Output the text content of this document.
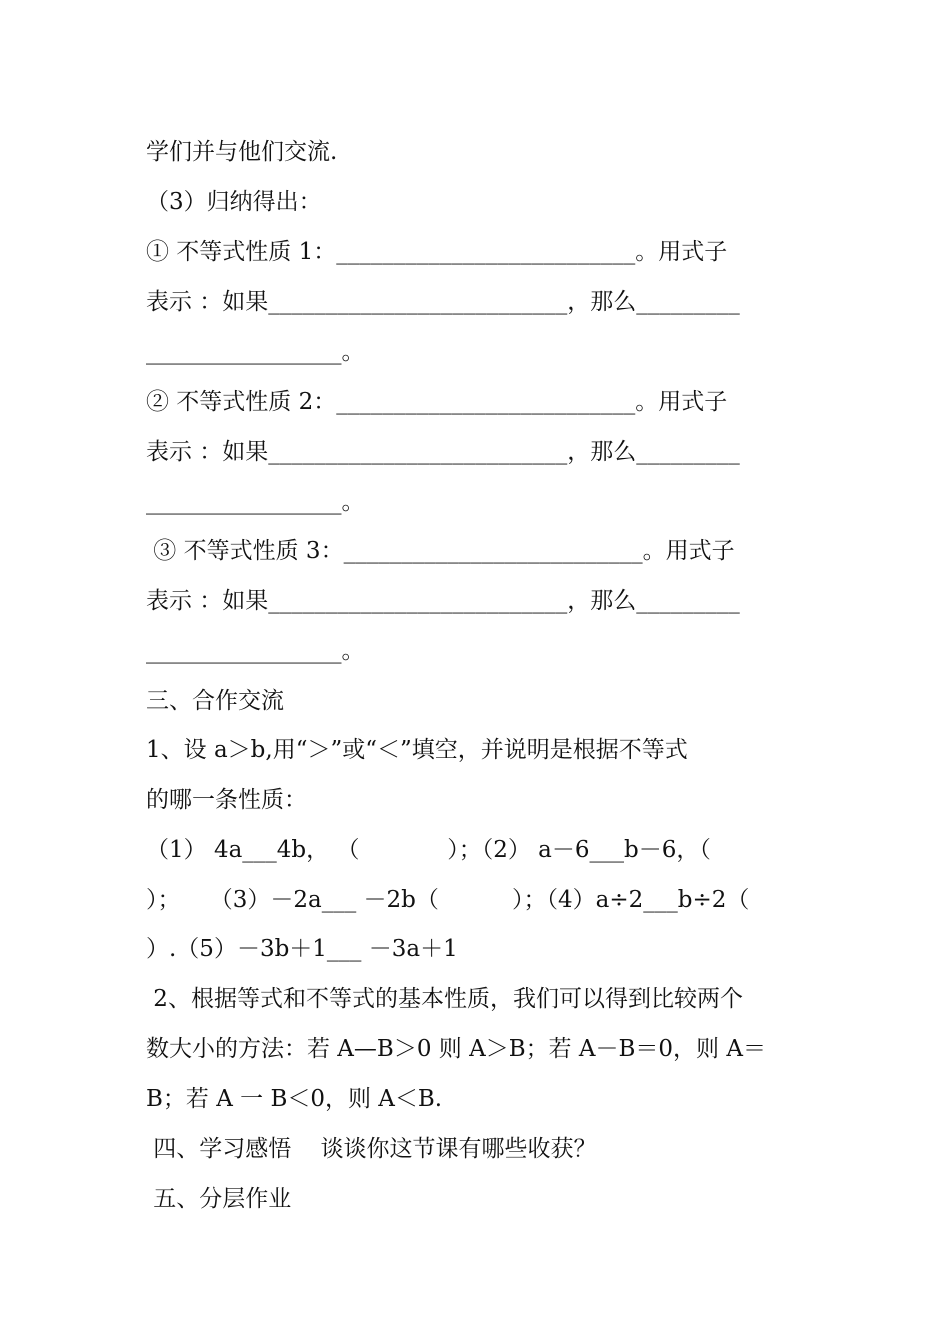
学们并与他们交流.
（3）归纳得出：
① 不等式性质 1：__________________________。用式子
表示 ：如果__________________________，那么_________
_________________。
② 不等式性质 2：__________________________。用式子
表示 ：如果__________________________，那么_________
_________________。
③ 不等式性质 3：__________________________。用式子
表示 ：如果__________________________，那么_________
_________________。
三、合作交流
1、设 a＞b,用“＞”或“＜”填空，并说明是根据不等式
的哪一条性质：
（1） 4a___4b， （            ）；（2） a－6___b－6，（
）；    （3）－2a___ －2b（          ）；（4）a÷2___b÷2（
）.（5）－3b＋1___ －3a＋1
2、根据等式和不等式的基本性质，我们可以得到比较两个
数大小的方法：若 A—B＞0 则 A＞B；若 A－B＝0，则 A＝
B；若 A 一 B＜0，则 A＜B.
四、学习感悟    谈谈你这节课有哪些收获？
五、分层作业
